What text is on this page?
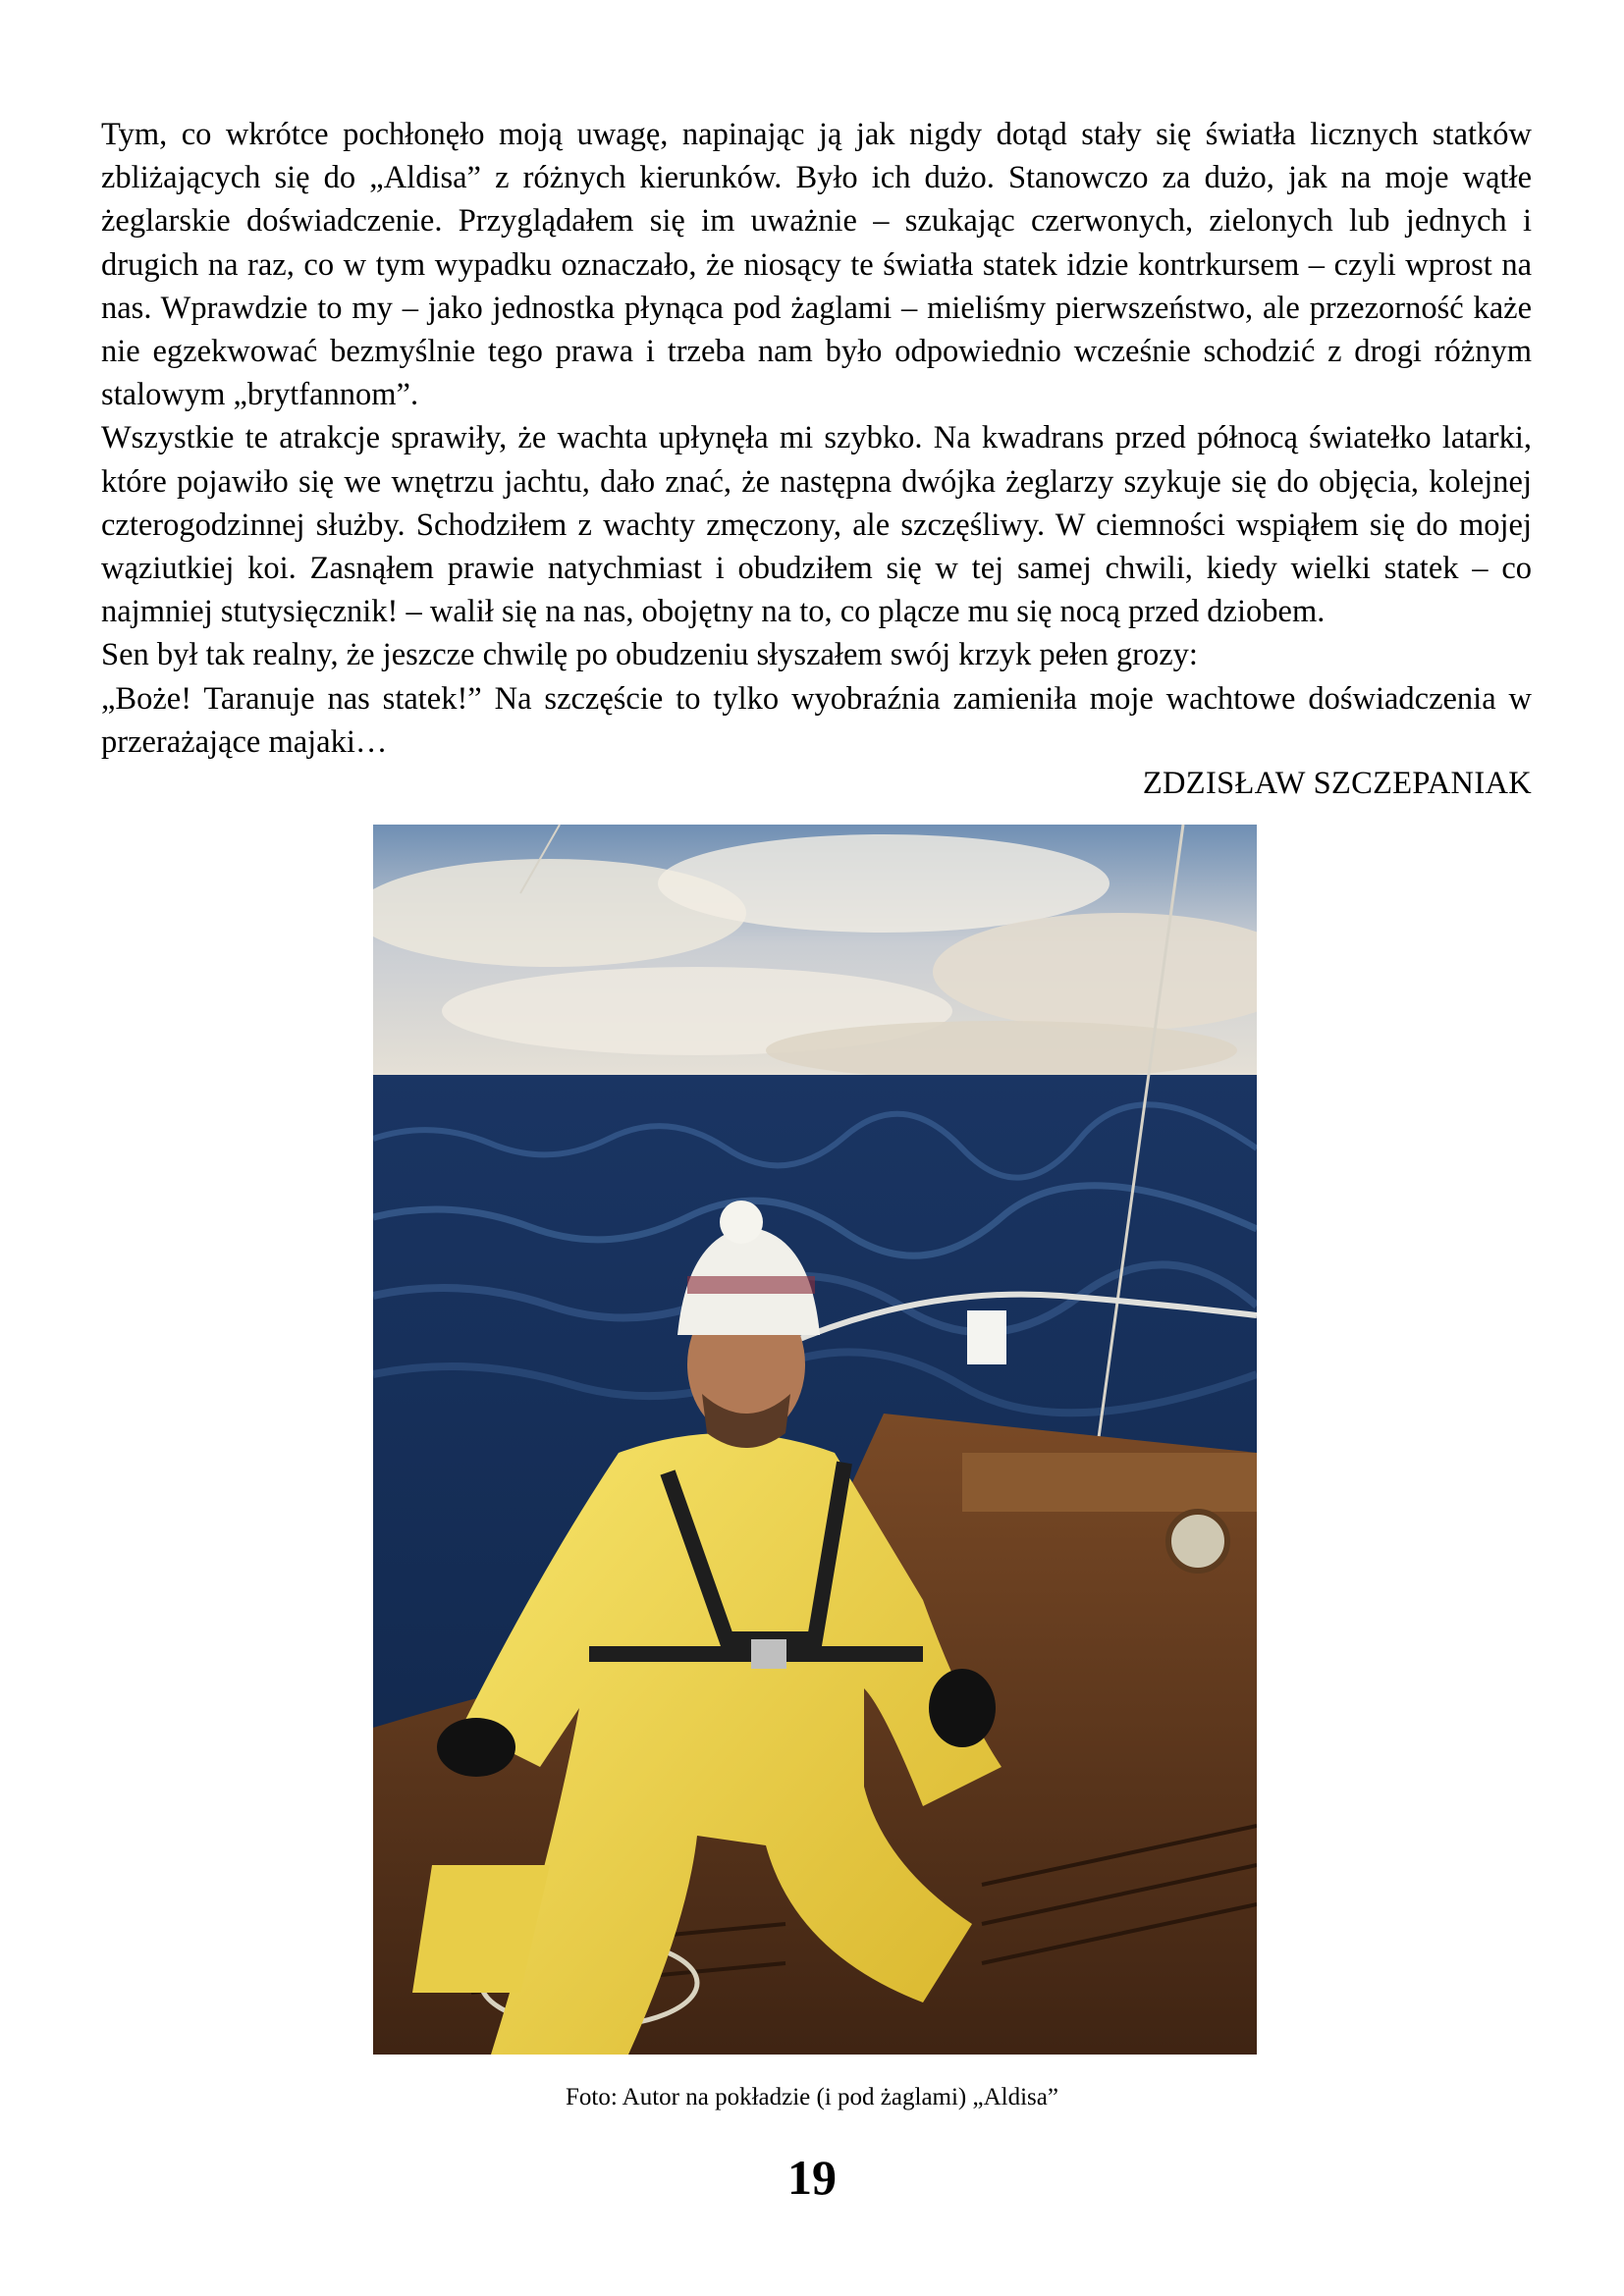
Tym, co wkrótce pochłonęło moją uwagę, napinając ją jak nigdy dotąd stały się światła licznych statków zbliżających się do „Aldisa” z różnych kierunków. Było ich dużo. Stanowczo za dużo, jak na moje wątłe żeglarskie doświadczenie. Przyglądałem się im uważnie – szukając czerwonych, zielonych lub jednych i drugich na raz, co w tym wypadku oznaczało, że niosący te światła statek idzie kontrkursem – czyli wprost na nas. Wprawdzie to my – jako jednostka płynąca pod żaglami – mieliśmy pierwszeństwo, ale przezorność każe nie egzekwować bezmyślnie tego prawa i trzeba nam było odpowiednio wcześnie schodzić z drogi różnym stalowym „brytfannom”.

Wszystkie te atrakcje sprawiły, że wachta upłynęła mi szybko. Na kwadrans przed północą światełko latarki, które pojawiło się we wnętrzu jachtu, dało znać, że następna dwójka żeglarzy szykuje się do objęcia, kolejnej czterogodzinnej służby. Schodziłem z wachty zmęczony, ale szczęśliwy. W ciemności wspiąłem się do mojej wąziutkiej koi. Zasnąłem prawie natychmiast i obudziłem się w tej samej chwili, kiedy wielki statek – co najmniej stutysięcznik! – walił się na nas, obojętny na to, co plącze mu się nocą przed dziobem.

Sen był tak realny, że jeszcze chwilę po obudzeniu słyszałem swój krzyk pełen grozy:

„Boże! Taranuje nas statek!” Na szczęście to tylko wyobraźnia zamieniła moje wachtowe doświadczenia w przerażające majaki…

ZDZISŁAW SZCZEPANIAK
Foto: Autor na pokładzie (i pod żaglami) „Aldisa”
19
